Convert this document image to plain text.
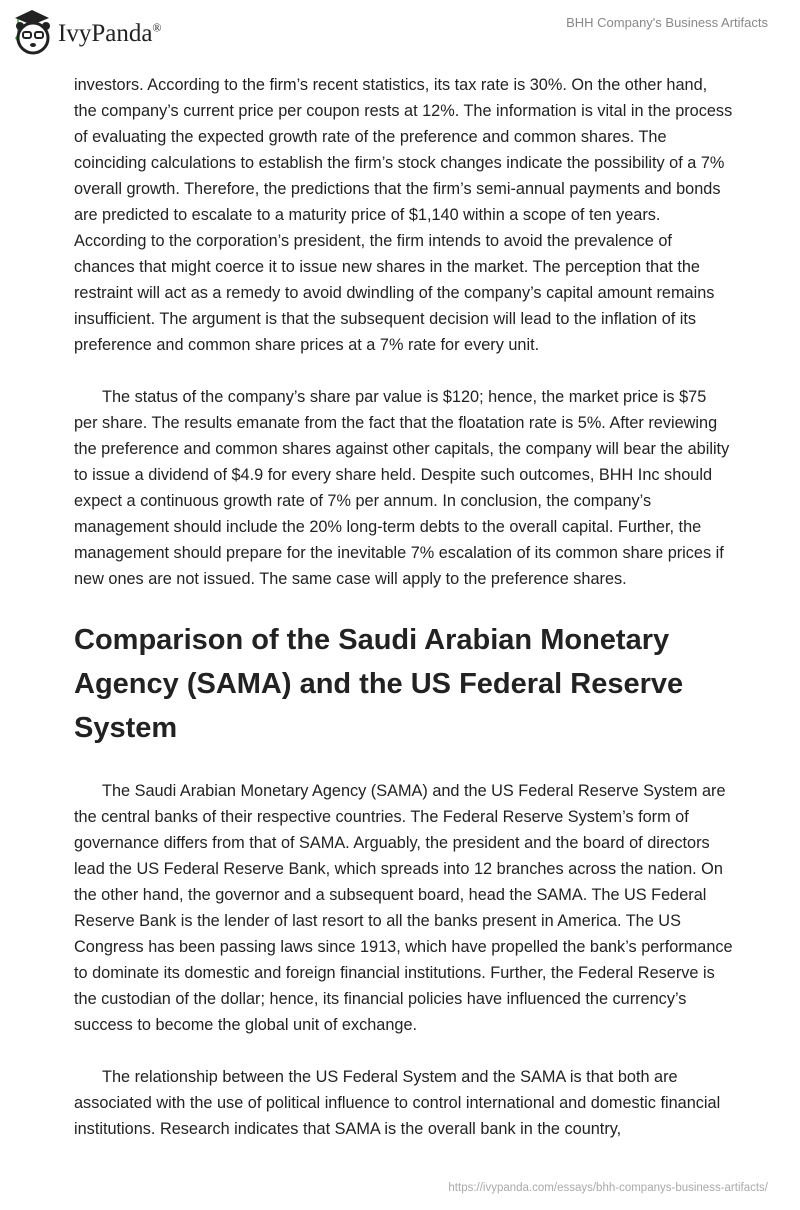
IvyPanda®	BHH Company's Business Artifacts

investors. According to the firm’s recent statistics, its tax rate is 30%. On the other hand, the company’s current price per coupon rests at 12%. The information is vital in the process of evaluating the expected growth rate of the preference and common shares. The coinciding calculations to establish the firm’s stock changes indicate the possibility of a 7% overall growth. Therefore, the predictions that the firm’s semi-annual payments and bonds are predicted to escalate to a maturity price of $1,140 within a scope of ten years. According to the corporation’s president, the firm intends to avoid the prevalence of chances that might coerce it to issue new shares in the market. The perception that the restraint will act as a remedy to avoid dwindling of the company’s capital amount remains insufficient. The argument is that the subsequent decision will lead to the inflation of its preference and common share prices at a 7% rate for every unit.

The status of the company’s share par value is $120; hence, the market price is $75 per share. The results emanate from the fact that the floatation rate is 5%. After reviewing the preference and common shares against other capitals, the company will bear the ability to issue a dividend of $4.9 for every share held. Despite such outcomes, BHH Inc should expect a continuous growth rate of 7% per annum. In conclusion, the company’s management should include the 20% long-term debts to the overall capital. Further, the management should prepare for the inevitable 7% escalation of its common share prices if new ones are not issued. The same case will apply to the preference shares.

Comparison of the Saudi Arabian Monetary Agency (SAMA) and the US Federal Reserve System

The Saudi Arabian Monetary Agency (SAMA) and the US Federal Reserve System are the central banks of their respective countries. The Federal Reserve System’s form of governance differs from that of SAMA. Arguably, the president and the board of directors lead the US Federal Reserve Bank, which spreads into 12 branches across the nation. On the other hand, the governor and a subsequent board, head the SAMA. The US Federal Reserve Bank is the lender of last resort to all the banks present in America. The US Congress has been passing laws since 1913, which have propelled the bank’s performance to dominate its domestic and foreign financial institutions. Further, the Federal Reserve is the custodian of the dollar; hence, its financial policies have influenced the currency’s success to become the global unit of exchange.

The relationship between the US Federal System and the SAMA is that both are associated with the use of political influence to control international and domestic financial institutions. Research indicates that SAMA is the overall bank in the country,

https://ivypanda.com/essays/bhh-companys-business-artifacts/
